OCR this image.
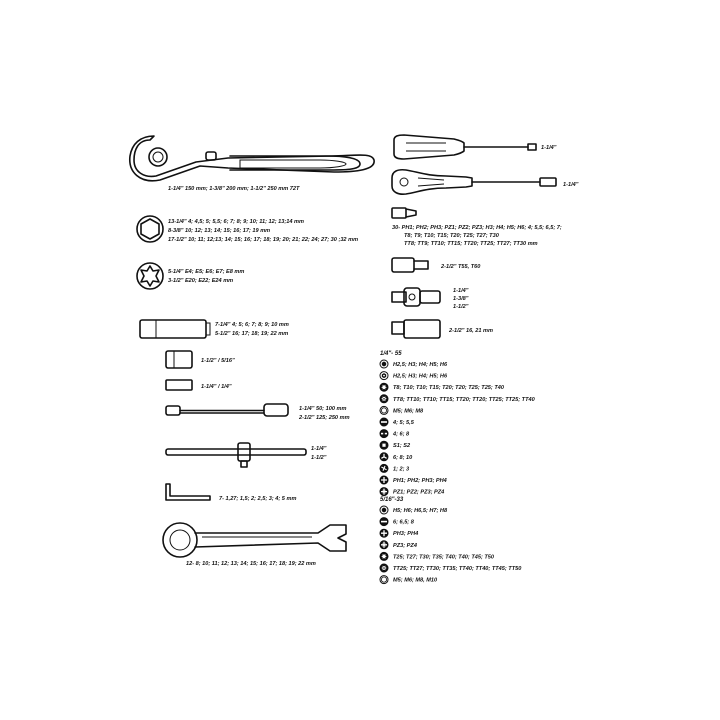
1-1/4" 150 mm; 1-3/8" 200 mm; 1-1/2" 250 mm 72T
13-1/4" 4; 4,5; 5; 5,5; 6; 7; 8; 9; 10; 11; 12; 13;14 mm
8-3/8" 10; 12; 13; 14; 15; 16; 17; 19 mm
17-1/2" 10; 11; 12;13; 14; 15; 16; 17; 18; 19; 20; 21; 22; 24; 27; 30 ;32 mm
5-1/4" E4; E5; E6; E7; E8 mm
3-1/2" E20; E22; E24 mm
7-1/4" 4; 5; 6; 7; 8; 9; 10 mm
5-1/2" 16; 17; 18; 19; 22 mm
1-1/2" / 5/16"
1-1/4" / 1/4"
1-1/4" 50; 100 mm
2-1/2" 125; 250 mm
1-1/4"
1-1/2"
7- 1,27; 1,5; 2; 2,5; 3; 4; 5 mm
12- 8; 10; 11; 12; 13; 14; 15; 16; 17; 18; 19; 22 mm
1-1/4"
1-1/4"
30- PH1; PH2; PH3; PZ1; PZ2; PZ3; H3; H4; H5; H6; 4; 5,5; 6,5; 7;
T8; T9; T10; T15; T20; T25; T27; T30
TT8; TT9; TT10; TT15; TT20; TT25; TT27; TT30 mm
2-1/2" T55, T60
1-1/4"
1-3/8"
1-1/2"
2-1/2" 16, 21 mm
1/4"- 55
H2,5; H3; H4; H5; H6
H2,5; H3; H4; H5; H6
T8; T10; T10; T15; T20; T20; T25; T25; T40
TT8; TT10; TT10; TT15; TT20; TT20; TT25; TT25; TT40
M5; M6; M8
4; 5; 5,5
4; 6; 8
S1; S2
6; 8; 10
1; 2; 3
PH1; PH2; PH3; PH4
PZ1; PZ2; PZ3; PZ4
5/16"-33
H5; H6; H6,5; H7; H8
6; 6,5; 8
PH3; PH4
PZ3; PZ4
T25; T27; T30; T35; T40; T40; T45; T50
TT25; TT27; TT30; TT35; TT40; TT40; TT45; TT50
M5; M6; M8, M10
